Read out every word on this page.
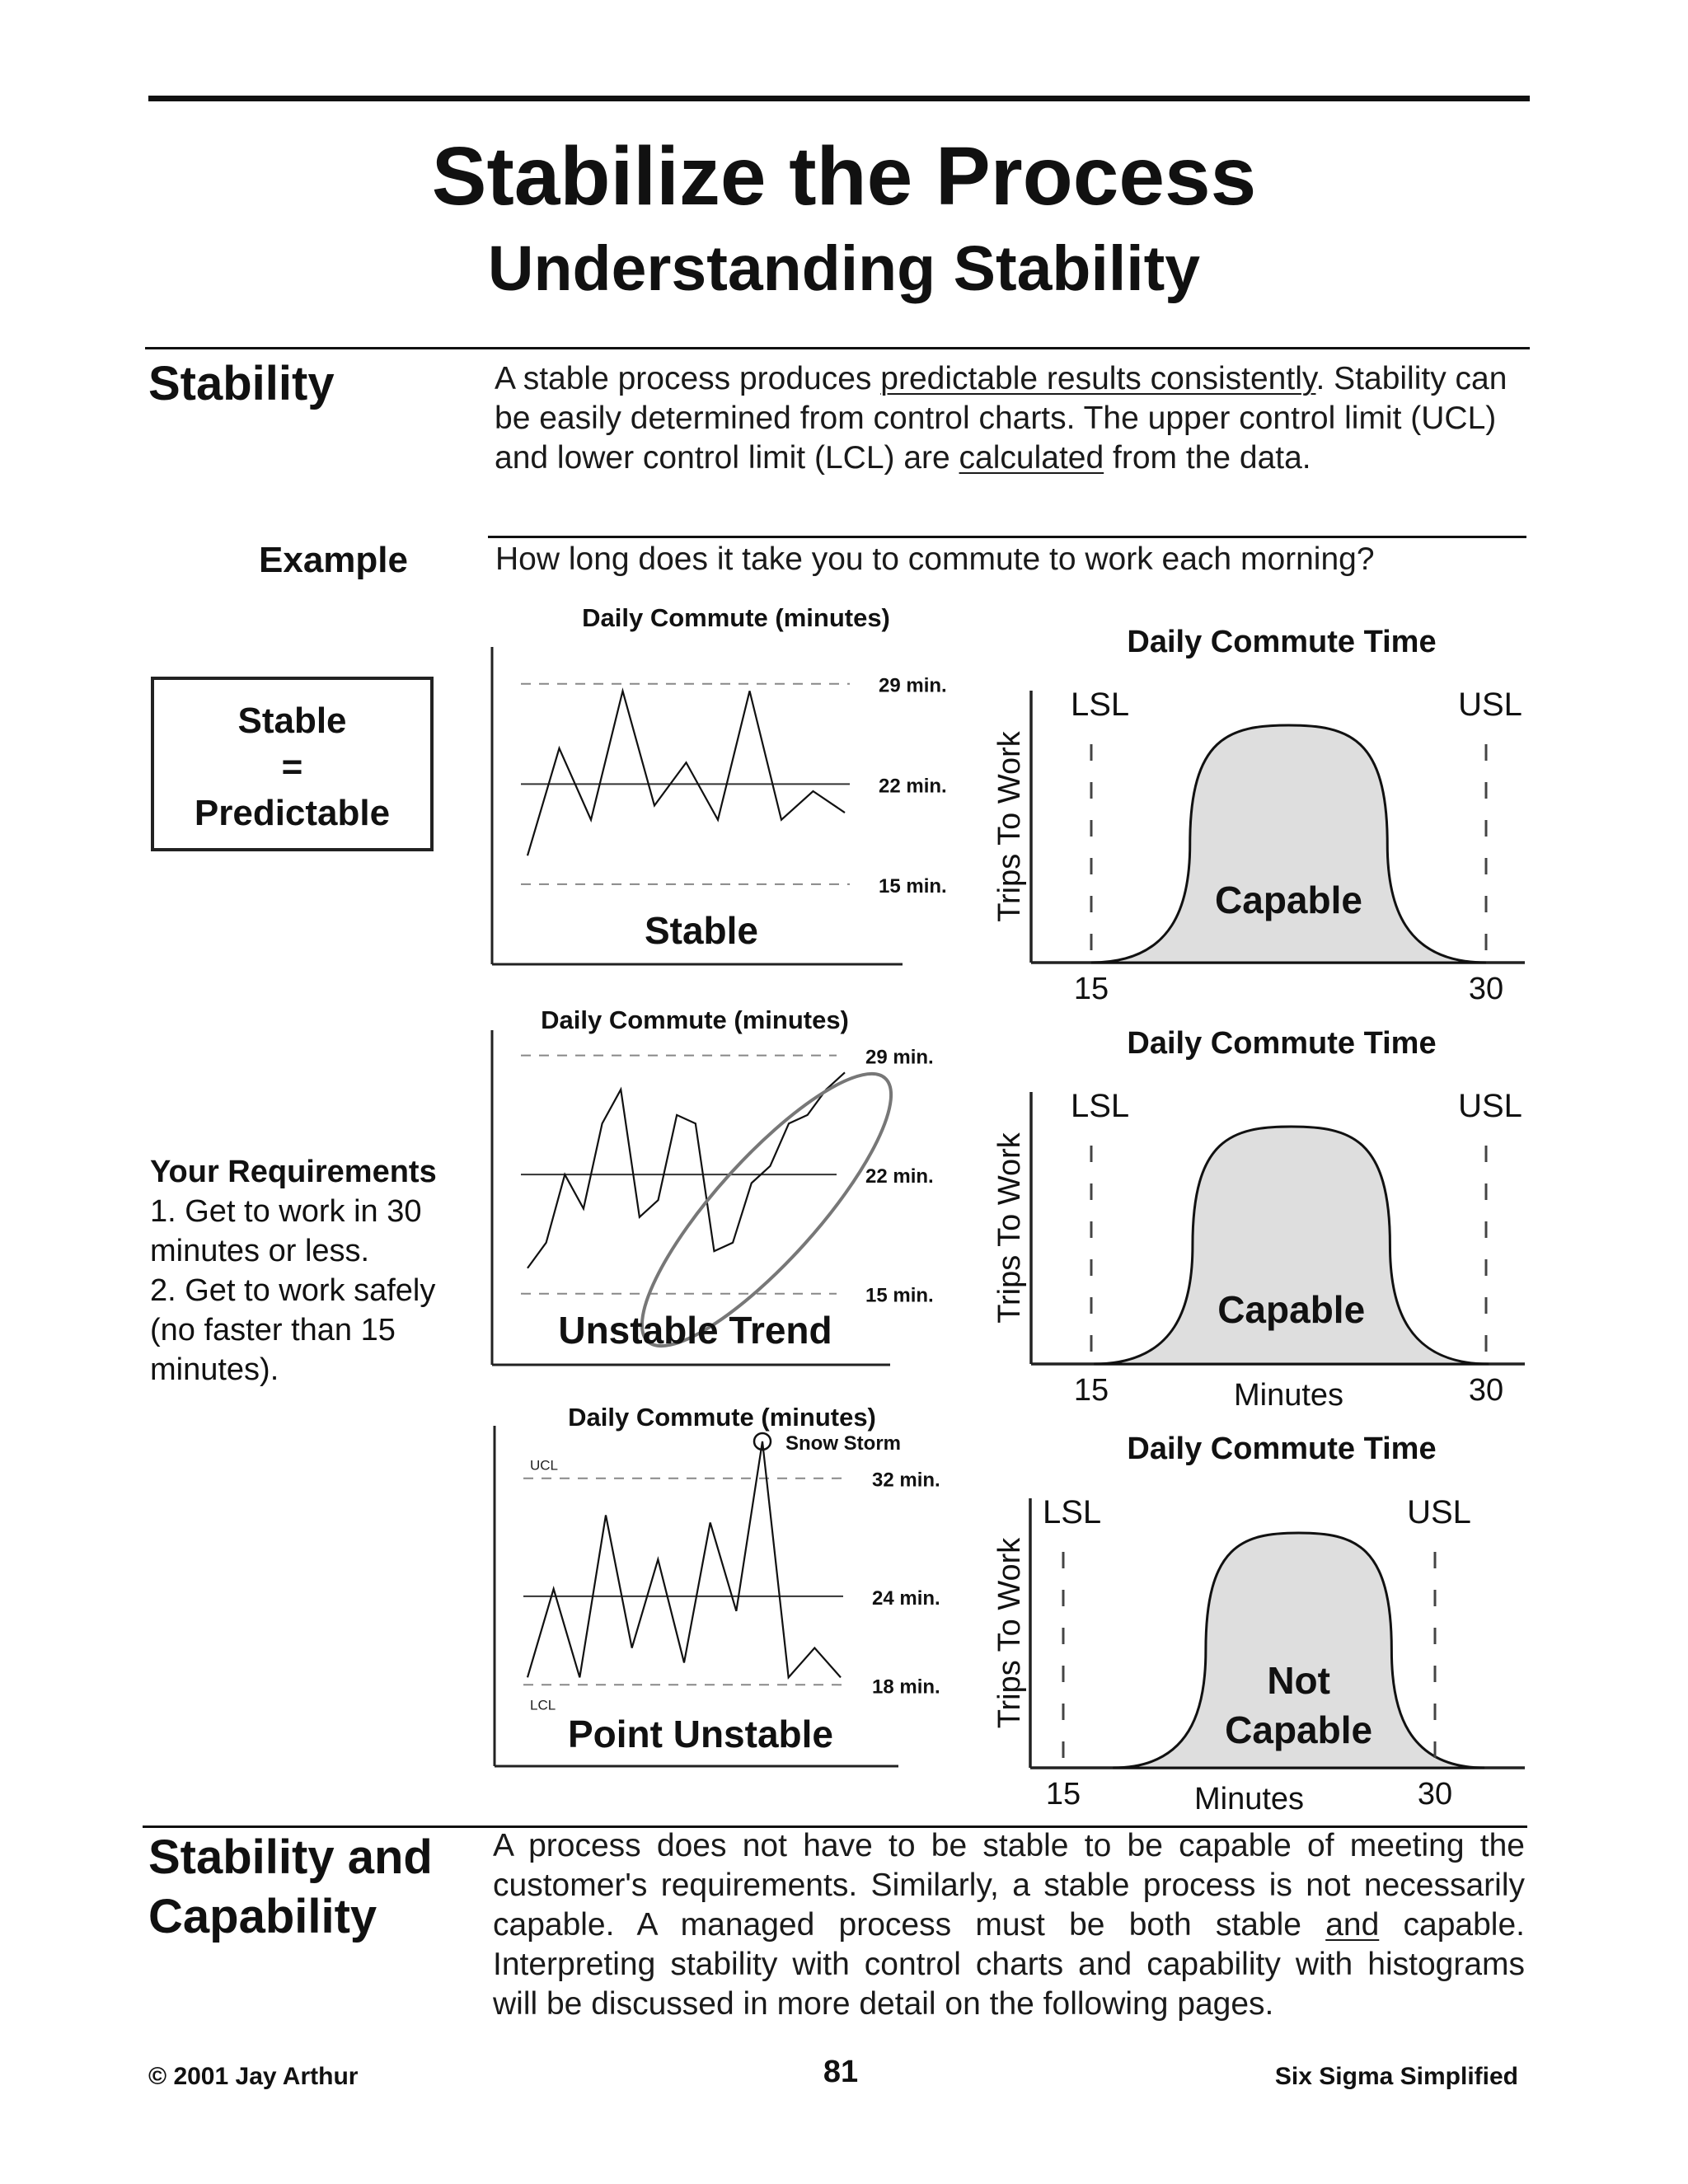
Stabilize the Process
Understanding Stability
Stability	A stable process produces predictable results consistently. Stability can be easily determined from control charts. The upper control limit (UCL) and lower control limit (LCL) are calculated from the data.
Example	How long does it take you to commute to work each morning?
Stable
=
Predictable
Your Requirements
1. Get to work in 30 minutes or less.
2. Get to work safely (no faster than 15 minutes).
Daily Commute (minutes)
29 min.
22 min.
15 min.
Stable
Daily Commute (minutes)
29 min.
22 min.
15 min.
Unstable Trend
Daily Commute (minutes)
32 min.
UCL
24 min.
18 min.
LCL
Snow Storm
Point Unstable
Daily Commute Time
Trips To Work
LSL	USL
15	30
Capable
Daily Commute Time
Trips To Work
LSL	USL
15	30
Minutes
Capable
Daily Commute Time
Trips To Work
LSL	USL
15	30
Minutes
Not
Capable
Stability and
Capability
A process does not have to be stable to be capable of meeting the customer's requirements. Similarly, a stable process is not necessarily capable. A managed process must be both stable and capable. Interpreting stability with control charts and capability with histograms will be discussed in more detail on the following pages.
© 2001 Jay Arthur	81	Six Sigma Simplified
